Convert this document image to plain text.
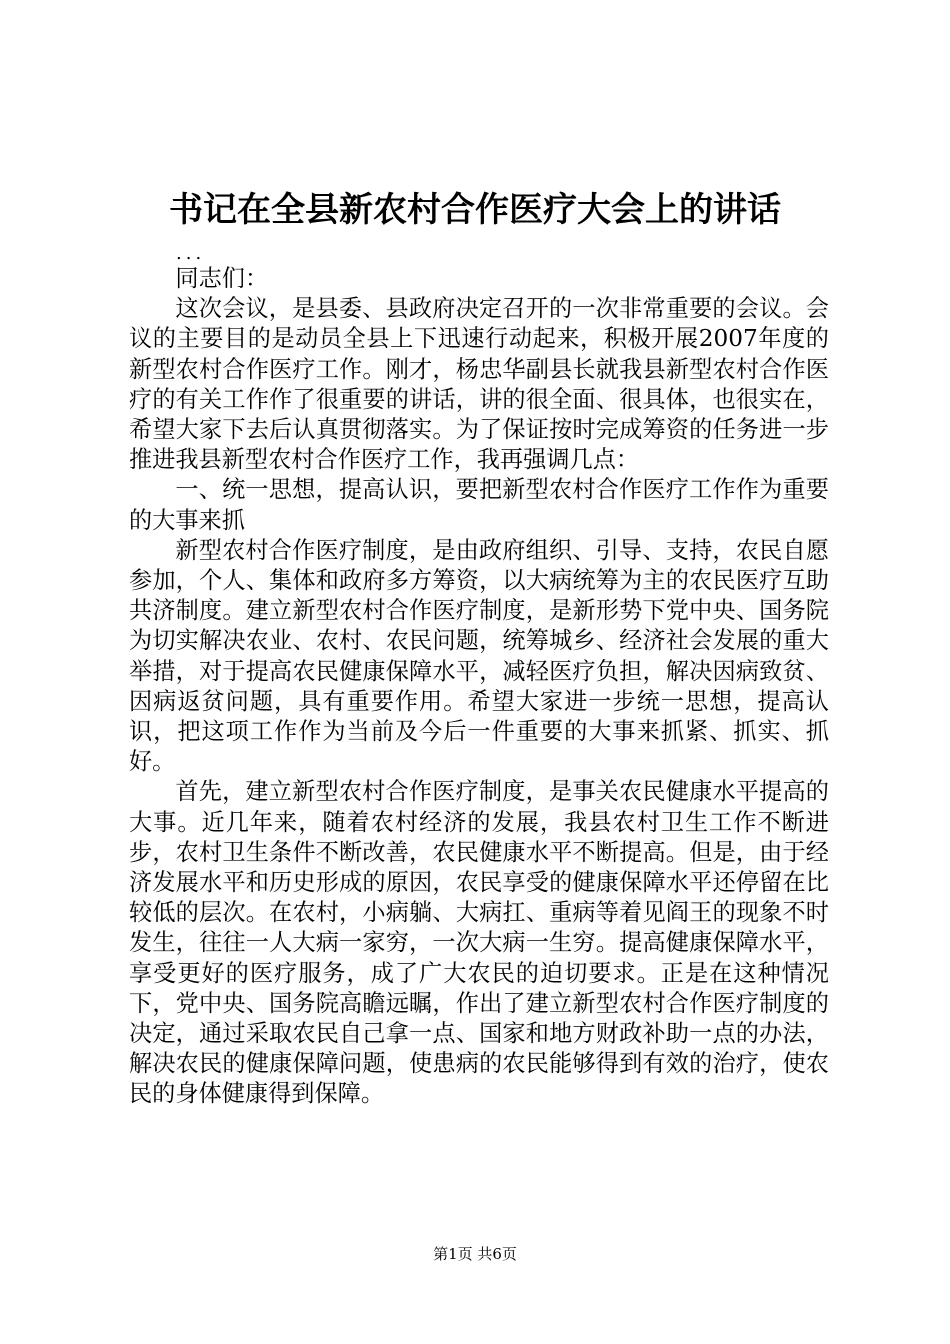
书记在全县新农村合作医疗大会上的讲话
...

同志们：

这次会议，是县委、县政府决定召开的一次非常重要的会议。会议的主要目的是动员全县上下迅速行动起来，积极开展2007年度的新型农村合作医疗工作。刚才，杨忠华副县长就我县新型农村合作医疗的有关工作作了很重要的讲话，讲的很全面、很具体，也很实在，希望大家下去后认真贯彻落实。为了保证按时完成筹资的任务进一步推进我县新型农村合作医疗工作，我再强调几点：

一、统一思想，提高认识，要把新型农村合作医疗工作作为重要的大事来抓

新型农村合作医疗制度，是由政府组织、引导、支持，农民自愿参加，个人、集体和政府多方筹资，以大病统筹为主的农民医疗互助共济制度。建立新型农村合作医疗制度，是新形势下党中央、国务院为切实解决农业、农村、农民问题，统筹城乡、经济社会发展的重大举措，对于提高农民健康保障水平，减轻医疗负担，解决因病致贫、因病返贫问题，具有重要作用。希望大家进一步统一思想，提高认识，把这项工作作为当前及今后一件重要的大事来抓紧、抓实、抓好。

首先，建立新型农村合作医疗制度，是事关农民健康水平提高的大事。近几年来，随着农村经济的发展，我县农村卫生工作不断进步，农村卫生条件不断改善，农民健康水平不断提高。但是，由于经济发展水平和历史形成的原因，农民享受的健康保障水平还停留在比较低的层次。在农村，小病躺、大病扛、重病等着见阎王的现象不时发生，往往一人大病一家穷，一次大病一生穷。提高健康保障水平，享受更好的医疗服务，成了广大农民的迫切要求。正是在这种情况下，党中央、国务院高瞻远瞩，作出了建立新型农村合作医疗制度的决定，通过采取农民自己拿一点、国家和地方财政补助一点的办法，解决农民的健康保障问题，使患病的农民能够得到有效的治疗，使农民的身体健康得到保障。

第1页 共6页
